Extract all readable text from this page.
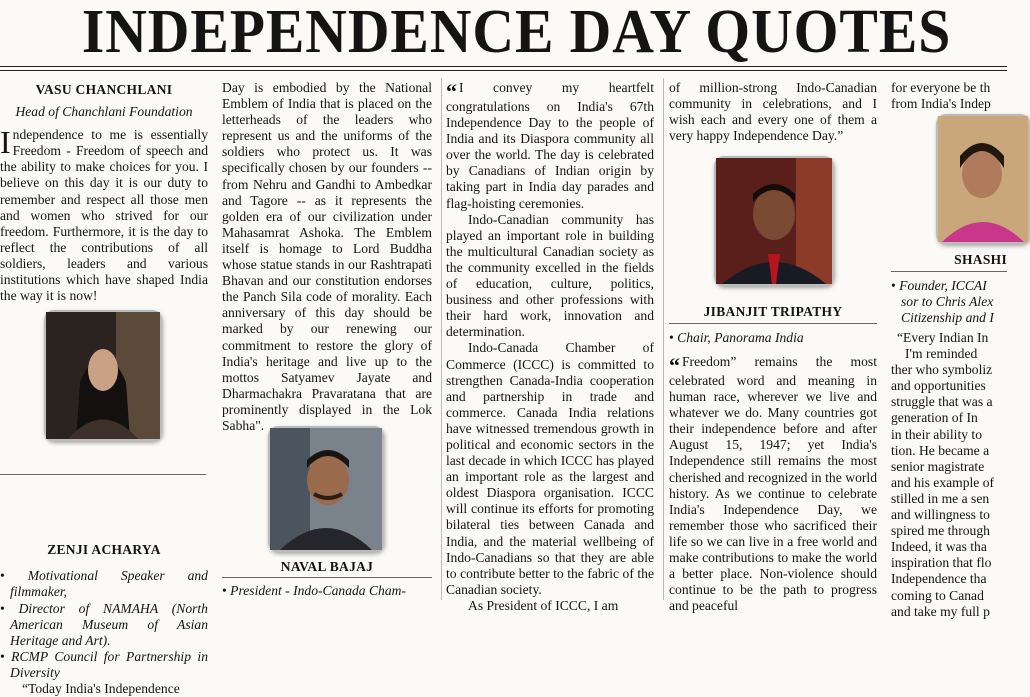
INDEPENDENCE DAY QUOTES
VASU CHANCHLANI
Head of Chanchlani Foundation
Independence to me is essentially Freedom - Freedom of speech and the ability to make choices for you. I believe on this day it is our duty to remember and respect all those men and women who strived for our freedom. Furthermore, it is the day to reflect the contributions of all soldiers, leaders and various institutions which have shaped India the way it is now!
ZENJI ACHARYA

• Motivational Speaker and filmmaker,

• Director of NAMAHA (North American Museum of Asian Heritage and Art).

• RCMP Council for Partnership in Diversity

“Today India's Independence

Day is embodied by the National Emblem of India that is placed on the letterheads of the leaders who represent us and the uniforms of the soldiers who protect us. It was specifically chosen by our founders -- from Nehru and Gandhi to Ambedkar and Tagore -- as it represents the golden era of our civilization under Mahasamrat Ashoka. The Emblem itself is homage to Lord Buddha whose statue stands in our Rashtrapati Bhavan and our constitution endorses the Panch Sila code of morality. Each anniversary of this day should be marked by our renewing our commitment to restore the glory of India's heritage and live up to the mottos Satyamev Jayate and Dharmachakra Pravaratana that are prominently displayed in the Lok Sabha".
NAVAL BAJAJ

• President - Indo-Canada Cham-

“ I convey my heartfelt congratulations on India's 67th Independence Day to the people of India and its Diaspora community all over the world. The day is celebrated by Canadians of Indian origin by taking part in India day parades and flag-hoisting ceremonies.

Indo-Canadian community has played an important role in building the multicultural Canadian society as the community excelled in the fields of education, culture, politics, business and other professions with their hard work, innovation and determination.

Indo-Canada Chamber of Commerce (ICCC) is committed to strengthen Canada-India cooperation and partnership in trade and commerce. Canada India relations have witnessed tremendous growth in political and economic sectors in the last decade in which ICCC has played an important role as the largest and oldest Diaspora organisation. ICCC will continue its efforts for promoting bilateral ties between Canada and India, and the material wellbeing of Indo-Canadians so that they are able to contribute better to the fabric of the Canadian society.

As President of ICCC, I am

of million-strong Indo-Canadian community in celebrations, and I wish each and every one of them a very happy Independence Day.”
JIBANJIT TRIPATHY

• Chair, Panorama India

“ Freedom” remains the most celebrated word and meaning in human race, wherever we live and whatever we do. Many countries got their independence before and after August 15, 1947; yet India's Independence still remains the most cherished and recognized in the world history. As we continue to celebrate India's Independence Day, we remember those who sacrificed their life so we can live in a free world and make contributions to make the world a better place. Non-violence should continue to be the path to progress and peaceful

for everyone be th

from India's Indep

SHASHI

• Founder, ICCAI

sor to Chris Alex

Citizenship and I

“Every Indian In

I'm reminded

ther who symboliz

and opportunities

struggle that was a

generation of In

in their ability to

tion. He became a

senior magistrate

and his example of

stilled in me a sen

and willingness to

spired me through

Indeed, it was tha

inspiration that flo

Independence tha

coming to Canad

and take my full p
